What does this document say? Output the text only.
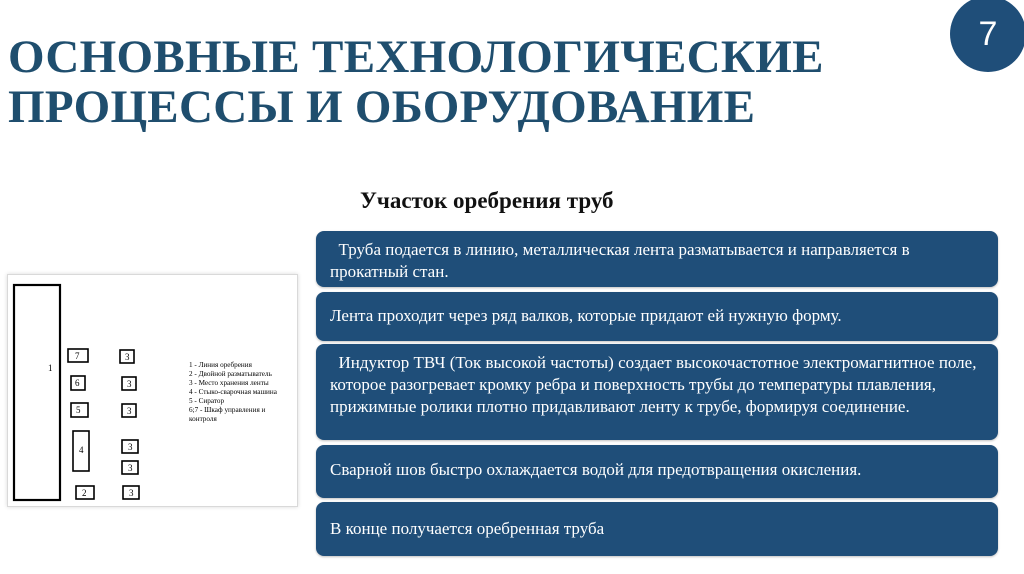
ОСНОВНЫЕ ТЕХНОЛОГИЧЕСКИЕ
ПРОЦЕССЫ И ОБОРУДОВАНИЕ
7
Участок оребрения труб
1
7
6
5
4
2
3
3
3
3
3
3
1 - Линия оребрения
2 - Двойной разматыватель
3 - Место хранения ленты
4 - Стыко-сварочная машина
5 - Сиратор
6;7 - Шкаф управления и
контроля
Труба подается в линию, металлическая лента разматывается и направляется в прокатный стан.
Лента проходит через ряд валков, которые придают ей нужную форму.
Индуктор ТВЧ (Ток высокой частоты) создает высокочастотное электромагнитное поле, которое разогревает кромку ребра и поверхность трубы до температуры плавления, прижимные ролики плотно придавливают ленту к трубе, формируя соединение.
Сварной шов быстро охлаждается водой для предотвращения окисления.
В конце получается оребренная труба
